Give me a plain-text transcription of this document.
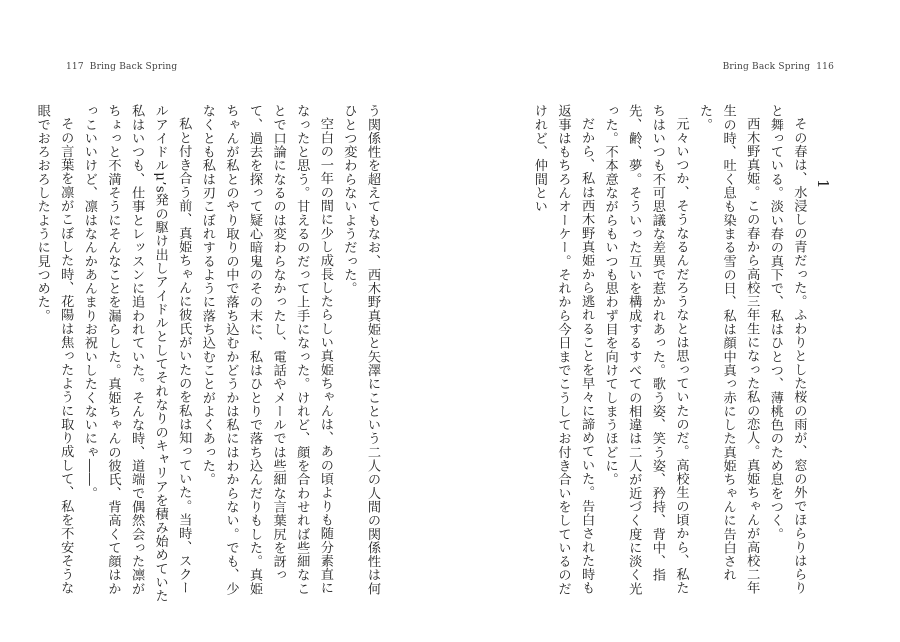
117 Bring Back Spring

う関係性を超えてもなお、西木野真姫と矢澤にこという二人の人間の関係性は何ひとつ変わらないようだった。

空白の一年の間に少し成長したらしい真姫ちゃんは、あの頃よりも随分素直になったと思う。甘えるのだって上手になった。けれど、顔を合わせれば些細なことで口論になるのは変わらなかったし、電話やメールでは些細な言葉尻を訝って、過去を探って疑心暗鬼のその末に、私はひとりで落ち込んだりもした。真姫ちゃんが私とのやり取りの中で落ち込むかどうかは私にはわからない。でも、少なくとも私は刃こぼれするように落ち込むことがよくあった。

私と付き合う前、真姫ちゃんに彼氏がいたのを私は知っていた。当時、スクールアイドルμ’s発の駆け出しアイドルとしてそれなりのキャリアを積み始めていた私はいつも、仕事とレッスンに追われていた。そんな時、道端で偶然会った凛がちょっと不満そうにそんなことを漏らした。真姫ちゃんの彼氏、背高くて顔はかっこいいけど、凛はなんかあんまりお祝いしたくないにゃ――。

その言葉を凛がこぼした時、花陽は焦ったように取り成して、私を不安そうな眼でおろおろしたように見つめた。

Bring Back Spring 116

1

その春は、水浸しの青だった。ふわりとした桜の雨が、窓の外でほらりはらりと舞っている。淡い春の真下で、私はひとつ、薄桃色のため息をつく。

西木野真姫。この春から高校三年生になった私の恋人。真姫ちゃんが高校二年生の時、吐く息も染まる雪の日、私は顔中真っ赤にした真姫ちゃんに告白された。

元々いつか、そうなるんだろうなとは思っていたのだ。高校生の頃から、私たちはいつも不可思議な差異で惹かれあった。歌う姿、笑う姿、矜持、背中、指先、齢、夢。そういった互いを構成するすべての相違は二人が近づく度に淡く光った。不本意ながらもいつも思わず目を向けてしまうほどに。

だから、私は西木野真姫から逃れることを早々に諦めていた。告白された時も返事はもちろんオーケー。それから今日までこうしてお付き合いをしているのだけれど、仲間とい
